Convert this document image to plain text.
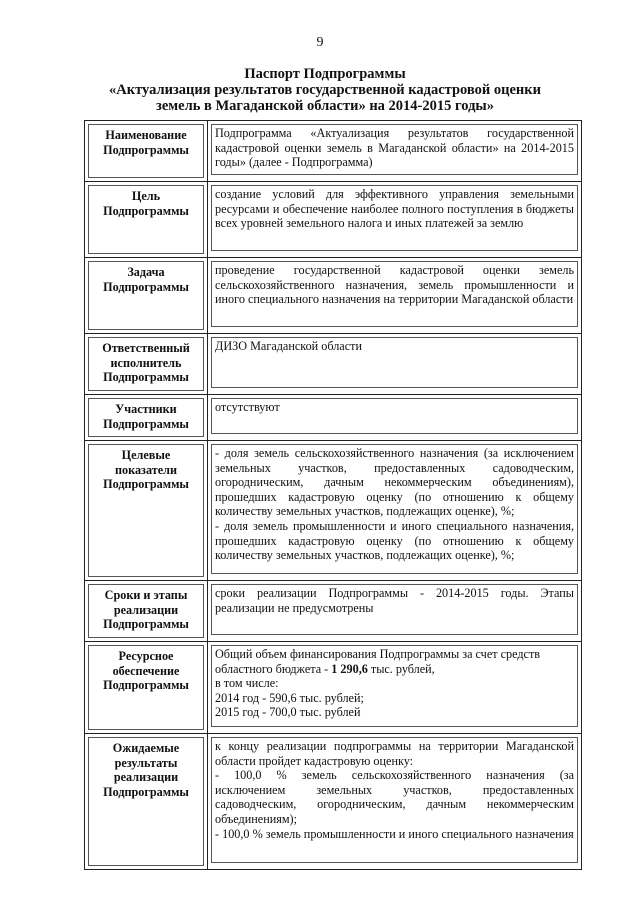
9
Паспорт Подпрограммы
«Актуализация результатов государственной кадастровой оценки
земель в Магаданской области» на 2014-2015 годы»
Наименование Подпрограммы	Подпрограмма «Актуализация результатов государственной кадастровой оценки земель в Магаданской области» на 2014-2015 годы» (далее - Подпрограмма)

Цель Подпрограммы	создание условий для эффективного управления земельными ресурсами и обеспечение наиболее полного поступления в бюджеты всех уровней земельного налога и иных платежей за землю

Задача Подпрограммы	проведение государственной кадастровой оценки земель сельскохозяйственного назначения, земель промышленности и иного специального назначения на территории Магаданской области

Ответственный исполнитель Подпрограммы	ДИЗО Магаданской области

Участники Подпрограммы	отсутствуют

Целевые показатели Подпрограммы	- доля земель сельскохозяйственного назначения (за исключением земельных участков, предоставленных садоводческим, огородническим, дачным некоммерческим объединениям), прошедших кадастровую оценку (по отношению к общему количеству земельных участков, подлежащих оценке), %;
- доля земель промышленности и иного специального назначения, прошедших кадастровую оценку (по отношению к общему количеству земельных участков, подлежащих оценке), %;

Сроки и этапы реализации Подпрограммы	сроки реализации Подпрограммы - 2014-2015 годы. Этапы реализации не предусмотрены

Ресурсное обеспечение Подпрограммы	Общий объем финансирования Подпрограммы за счет средств областного бюджета - 1 290,6 тыс. рублей,
в том числе:
2014 год - 590,6 тыс. рублей;
2015 год - 700,0 тыс. рублей

Ожидаемые результаты реализации Подпрограммы	к концу реализации подпрограммы на территории Магаданской области пройдет кадастровую оценку:
- 100,0 % земель сельскохозяйственного назначения (за исключением земельных участков, предоставленных садоводческим, огородническим, дачным некоммерческим объединениям);
- 100,0 % земель промышленности и иного специального назначения
